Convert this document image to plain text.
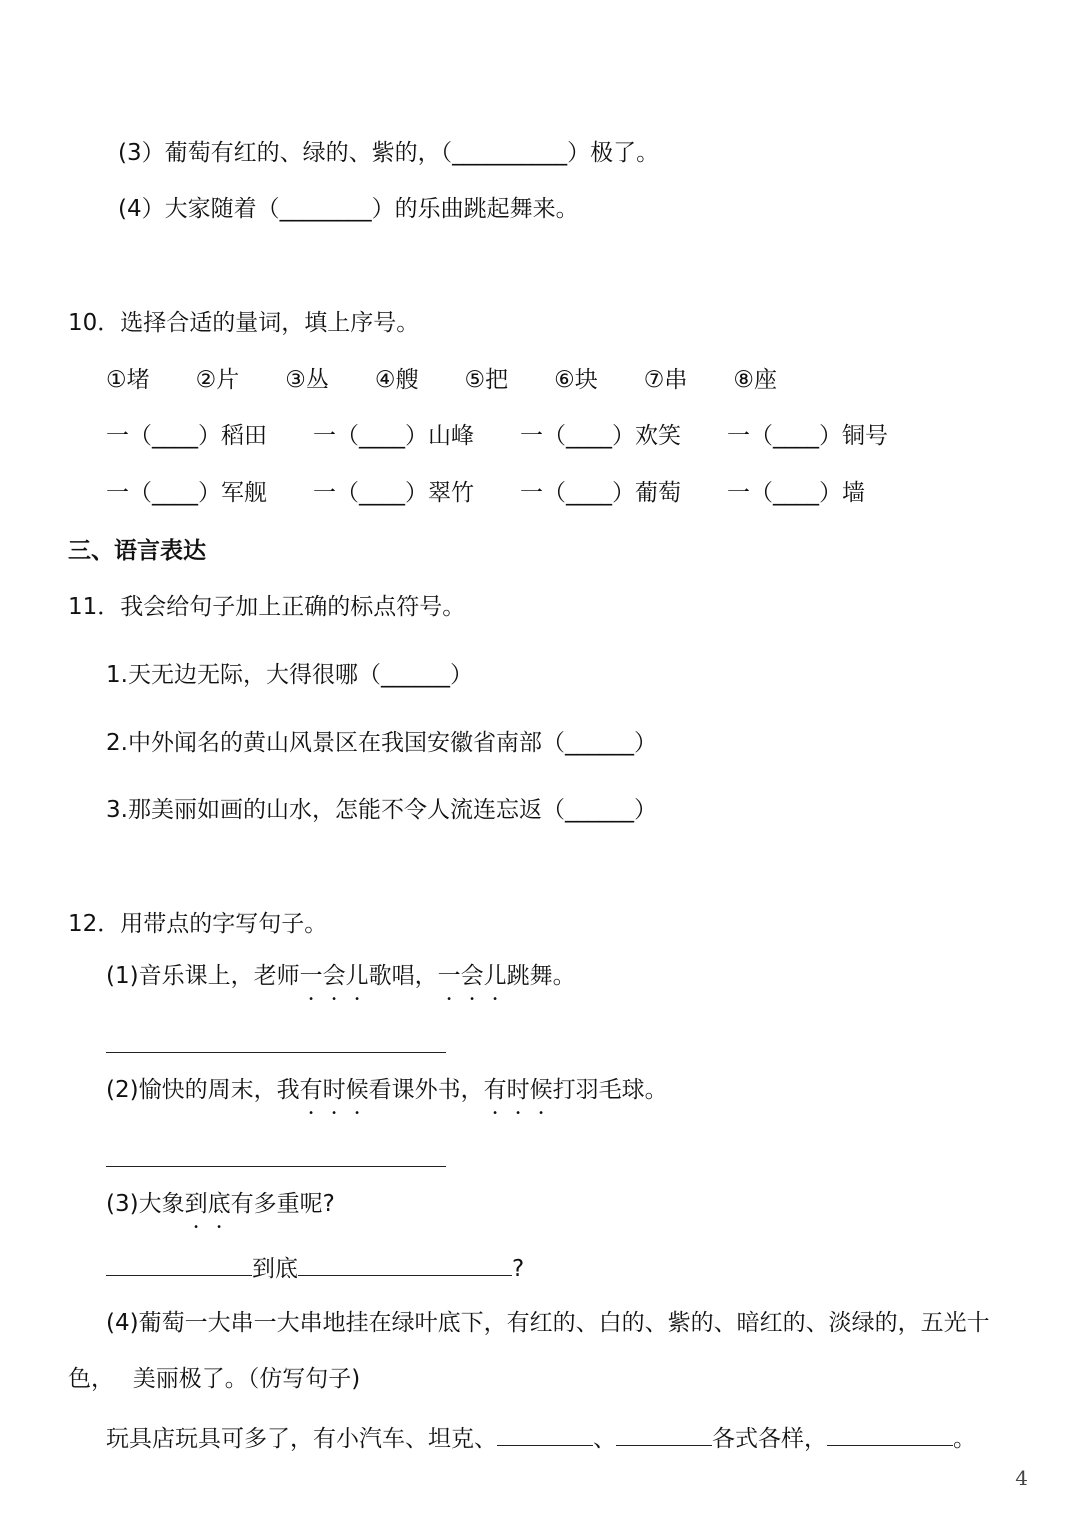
(3）葡萄有红的、绿的、紫的，（__________）极了。
(4）大家随着（________）的乐曲跳起舞来。
10．选择合适的量词，填上序号。
①堵　　②片　　③丛　　④艘　　⑤把　　⑥块　　⑦串　　⑧座
一（____）稻田　　一（____）山峰　　一（____）欢笑　　一（____）铜号
一（____）军舰　　一（____）翠竹　　一（____）葡萄　　一（____）墙
三、语言表达
11．我会给句子加上正确的标点符号。
1.天无边无际，大得很哪（______）
2.中外闻名的黄山风景区在我国安徽省南部（______）
3.那美丽如画的山水，怎能不令人流连忘返（______）
12．用带点的字写句子。
(1)音乐课上，老师一会儿歌唱，一会儿跳舞。
(2)愉快的周末，我有时候看课外书，有时候打羽毛球。
(3)大象到底有多重呢?
到底	?
(4)葡萄一大串一大串地挂在绿叶底下，有红的、白的、紫的、暗红的、淡绿的，五光十
色，　 美丽极了。（仿写句子)
玩具店玩具可多了，有小汽车、坦克、	、	各式各样，	。
4
